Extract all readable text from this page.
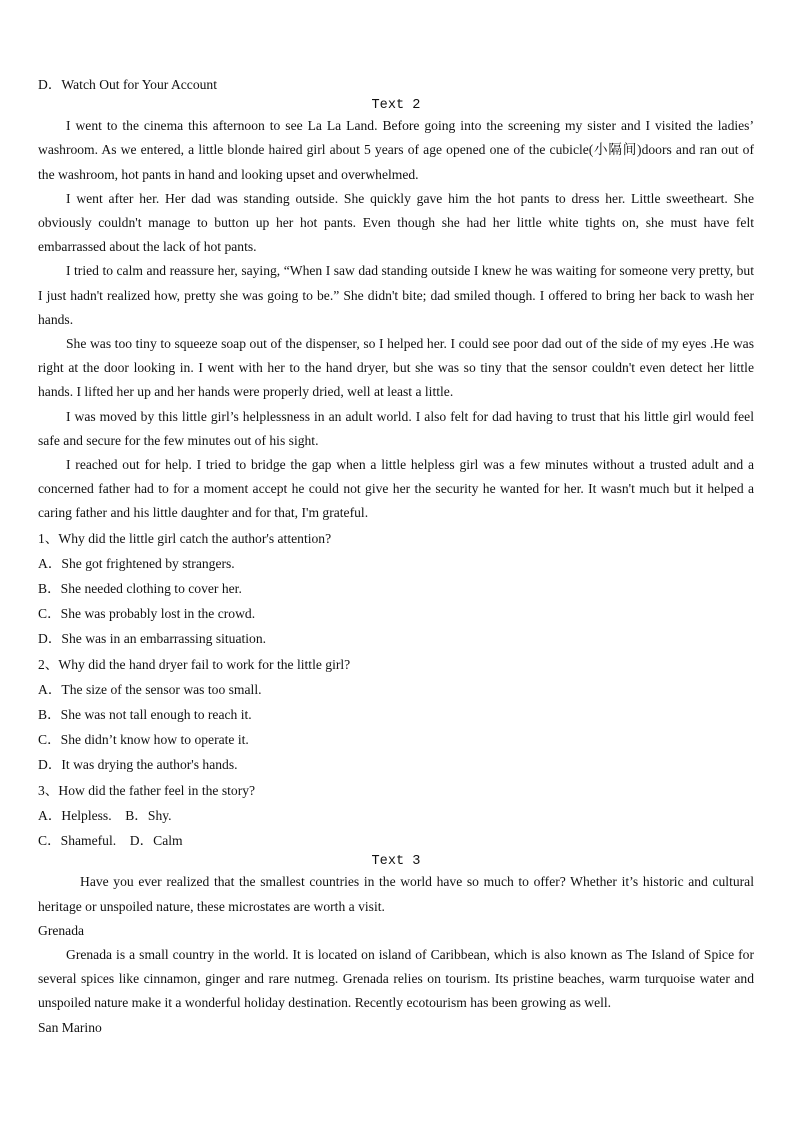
D．Watch Out for Your Account

Text 2

I went to the cinema this afternoon to see La La Land. Before going into the screening my sister and I visited the ladies’ washroom. As we entered, a little blonde haired girl about 5 years of age opened one of the cubicle(小隔间)doors and ran out of the washroom, hot pants in hand and looking upset and overwhelmed.

I went after her. Her dad was standing outside. She quickly gave him the hot pants to dress her. Little sweetheart. She obviously couldn't manage to button up her hot pants. Even though she had her little white tights on, she must have felt embarrassed about the lack of hot pants.

I tried to calm and reassure her, saying, “When I saw dad standing outside I knew he was waiting for someone very pretty, but I just hadn't realized how, pretty she was going to be.” She didn't bite; dad smiled though. I offered to bring her back to wash her hands.

She was too tiny to squeeze soap out of the dispenser, so I helped her. I could see poor dad out of the side of my eyes .He was right at the door looking in. I went with her to the hand dryer, but she was so tiny that the sensor couldn't even detect her little hands. I lifted her up and her hands were properly dried, well at least a little.

I was moved by this little girl’s helplessness in an adult world. I also felt for dad having to trust that his little girl would feel safe and secure for the few minutes out of his sight.

I reached out for help. I tried to bridge the gap when a little helpless girl was a few minutes without a trusted adult and a concerned father had to for a moment accept he could not give her the security he wanted for her. It wasn't much but it helped a caring father and his little daughter and for that, I'm grateful.

1、Why did the little girl catch the author's attention?

A．She got frightened by strangers.

B．She needed clothing to cover her.

C．She was probably lost in the crowd.

D．She was in an embarrassing situation.

2、Why did the hand dryer fail to work for the little girl?

A．The size of the sensor was too small.

B．She was not tall enough to reach it.

C．She didn’t know how to operate it.

D．It was drying the author's hands.

3、How did the father feel in the story?

A．Helpless.    B．Shy.

C．Shameful.    D．Calm

Text 3

Have you ever realized that the smallest countries in the world have so much to offer? Whether it’s historic and cultural heritage or unspoiled nature, these microstates are worth a visit.

Grenada

Grenada is a small country in the world. It is located on island of Caribbean, which is also known as The Island of Spice for several spices like cinnamon, ginger and rare nutmeg. Grenada relies on tourism. Its pristine beaches, warm turquoise water and unspoiled nature make it a wonderful holiday destination. Recently ecotourism has been growing as well.

San Marino
